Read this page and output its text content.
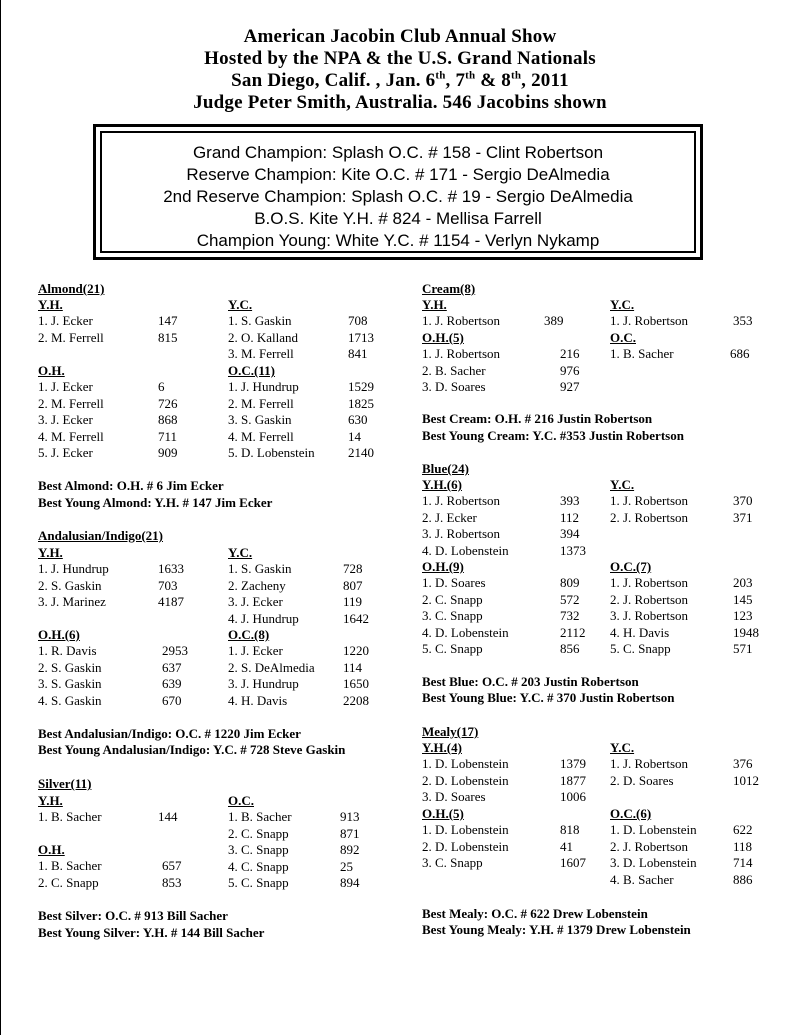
American Jacobin Club Annual Show
Hosted by the NPA & the U.S. Grand Nationals
San Diego, Calif. , Jan. 6th, 7th & 8th, 2011
Judge Peter Smith, Australia. 546 Jacobins shown
Grand Champion: Splash O.C. # 158 - Clint Robertson
Reserve Champion: Kite O.C. # 171 - Sergio DeAlmedia
2nd Reserve Champion: Splash O.C. # 19 - Sergio DeAlmedia
B.O.S. Kite Y.H. # 824 - Mellisa Farrell
Champion Young: White Y.C. # 1154 - Verlyn Nykamp
Almond(21)
Y.H.
1. J. Ecker	147
2. M. Ferrell	815
Y.C.
1. S. Gaskin	708
2. O. Kalland	1713
3. M. Ferrell	841
O.H.
1. J. Ecker	6
2. M. Ferrell	726
3. J. Ecker	868
4. M. Ferrell	711
5. J. Ecker	909
O.C.(11)
1. J. Hundrup	1529
2. M. Ferrell	1825
3. S. Gaskin	630
4. M. Ferrell	14
5. D. Lobenstein	2140
Best Almond: O.H. # 6 Jim Ecker
Best Young Almond: Y.H. # 147 Jim Ecker
Andalusian/Indigo(21)
Y.H.
1. J. Hundrup	1633
2. S. Gaskin	703
3. J. Marinez	4187
Y.C.
1. S. Gaskin	728
2. Zacheny	807
3. J. Ecker	119
4. J. Hundrup	1642
O.H.(6)
1. R. Davis	2953
2. S. Gaskin	637
3. S. Gaskin	639
4. S. Gaskin	670
O.C.(8)
1. J. Ecker	1220
2. S. DeAlmedia 114
3. J. Hundrup	1650
4. H. Davis	2208
Best Andalusian/Indigo: O.C. # 1220 Jim Ecker
Best Young Andalusian/Indigo: Y.C. # 728 Steve Gaskin
Silver(11)
Y.H.
1. B. Sacher	144
O.H.
1. B. Sacher	657
2. C. Snapp	853
O.C.
1. B. Sacher	913
2. C. Snapp	871
3. C. Snapp	892
4. C. Snapp	25
5. C. Snapp	894
Best Silver: O.C. # 913 Bill Sacher
Best Young Silver: Y.H. # 144 Bill Sacher
Cream(8)
Y.H.
1. J. Robertson	389
Y.C.
1. J. Robertson	353
O.H.(5)
1. J. Robertson	216
2. B. Sacher	976
3. D. Soares	927
O.C.
1. B. Sacher	686
Best Cream: O.H. # 216 Justin Robertson
Best Young Cream: Y.C. #353 Justin Robertson
Blue(24)
Y.H.(6)
1. J. Robertson	393
2. J. Ecker	112
3. J. Robertson	394
4. D. Lobenstein	1373
Y.C.
1. J. Robertson	370
2. J. Robertson	371
O.H.(9)
1. D. Soares	809
2. C. Snapp	572
3. C. Snapp	732
4. D. Lobenstein	2112
5. C. Snapp	856
O.C.(7)
1. J. Robertson	203
2. J. Robertson	145
3. J. Robertson	123
4. H. Davis	1948
5. C. Snapp	571
Best Blue: O.C. # 203 Justin Robertson
Best Young Blue: Y.C. # 370 Justin Robertson
Mealy(17)
Y.H.(4)
1. D. Lobenstein	1379
2. D. Lobenstein	1877
3. D. Soares	1006
Y.C.
1. J. Robertson	376
2. D. Soares	1012
O.H.(5)
1. D. Lobenstein	818
2. D. Lobenstein	41
3. C. Snapp	1607
O.C.(6)
1. D. Lobenstein	622
2. J. Robertson	118
3. D. Lobenstein	714
4. B. Sacher	886
Best Mealy: O.C. # 622 Drew Lobenstein
Best Young Mealy: Y.H. # 1379 Drew Lobenstein
